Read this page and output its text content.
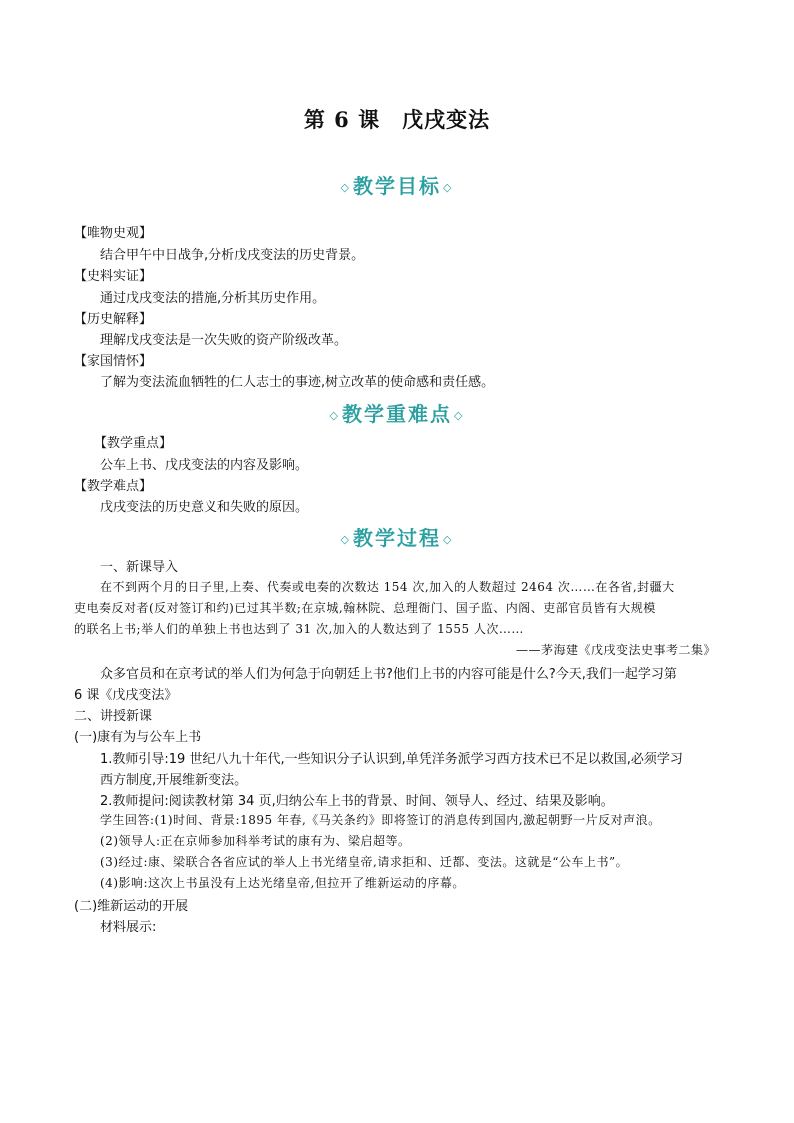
第 6 课　戊戌变法
◇ 教学目标 ◇
【唯物史观】
结合甲午中日战争,分析戊戌变法的历史背景。
【史料实证】
通过戊戌变法的措施,分析其历史作用。
【历史解释】
理解戊戌变法是一次失败的资产阶级改革。
【家国情怀】
了解为变法流血牺牲的仁人志士的事迹,树立改革的使命感和责任感。
◇ 教学重难点 ◇
【教学重点】
公车上书、戊戌变法的内容及影响。
【教学难点】
戊戌变法的历史意义和失败的原因。
◇ 教学过程 ◇
一、新课导入
在不到两个月的日子里,上奏、代奏或电奏的次数达 154 次,加入的人数超过 2464 次……在各省,封疆大
吏电奏反对者(反对签订和约)已过其半数;在京城,翰林院、总理衙门、国子监、内阁、吏部官员皆有大规模
的联名上书;举人们的单独上书也达到了 31 次,加入的人数达到了 1555 人次……
——茅海建《戊戌变法史事考二集》
众多官员和在京考试的举人们为何急于向朝廷上书?他们上书的内容可能是什么?今天,我们一起学习第
6 课《戊戌变法》
二、讲授新课
(一)康有为与公车上书
1.教师引导:19 世纪八九十年代,一些知识分子认识到,单凭洋务派学习西方技术已不足以救国,必须学习
西方制度,开展维新变法。
2.教师提问:阅读教材第 34 页,归纳公车上书的背景、时间、领导人、经过、结果及影响。
学生回答:(1)时间、背景:1895 年春,《马关条约》即将签订的消息传到国内,激起朝野一片反对声浪。
(2)领导人:正在京师参加科举考试的康有为、梁启超等。
(3)经过:康、梁联合各省应试的举人上书光绪皇帝,请求拒和、迁都、变法。这就是“公车上书”。
(4)影响:这次上书虽没有上达光绪皇帝,但拉开了维新运动的序幕。
(二)维新运动的开展
材料展示:
